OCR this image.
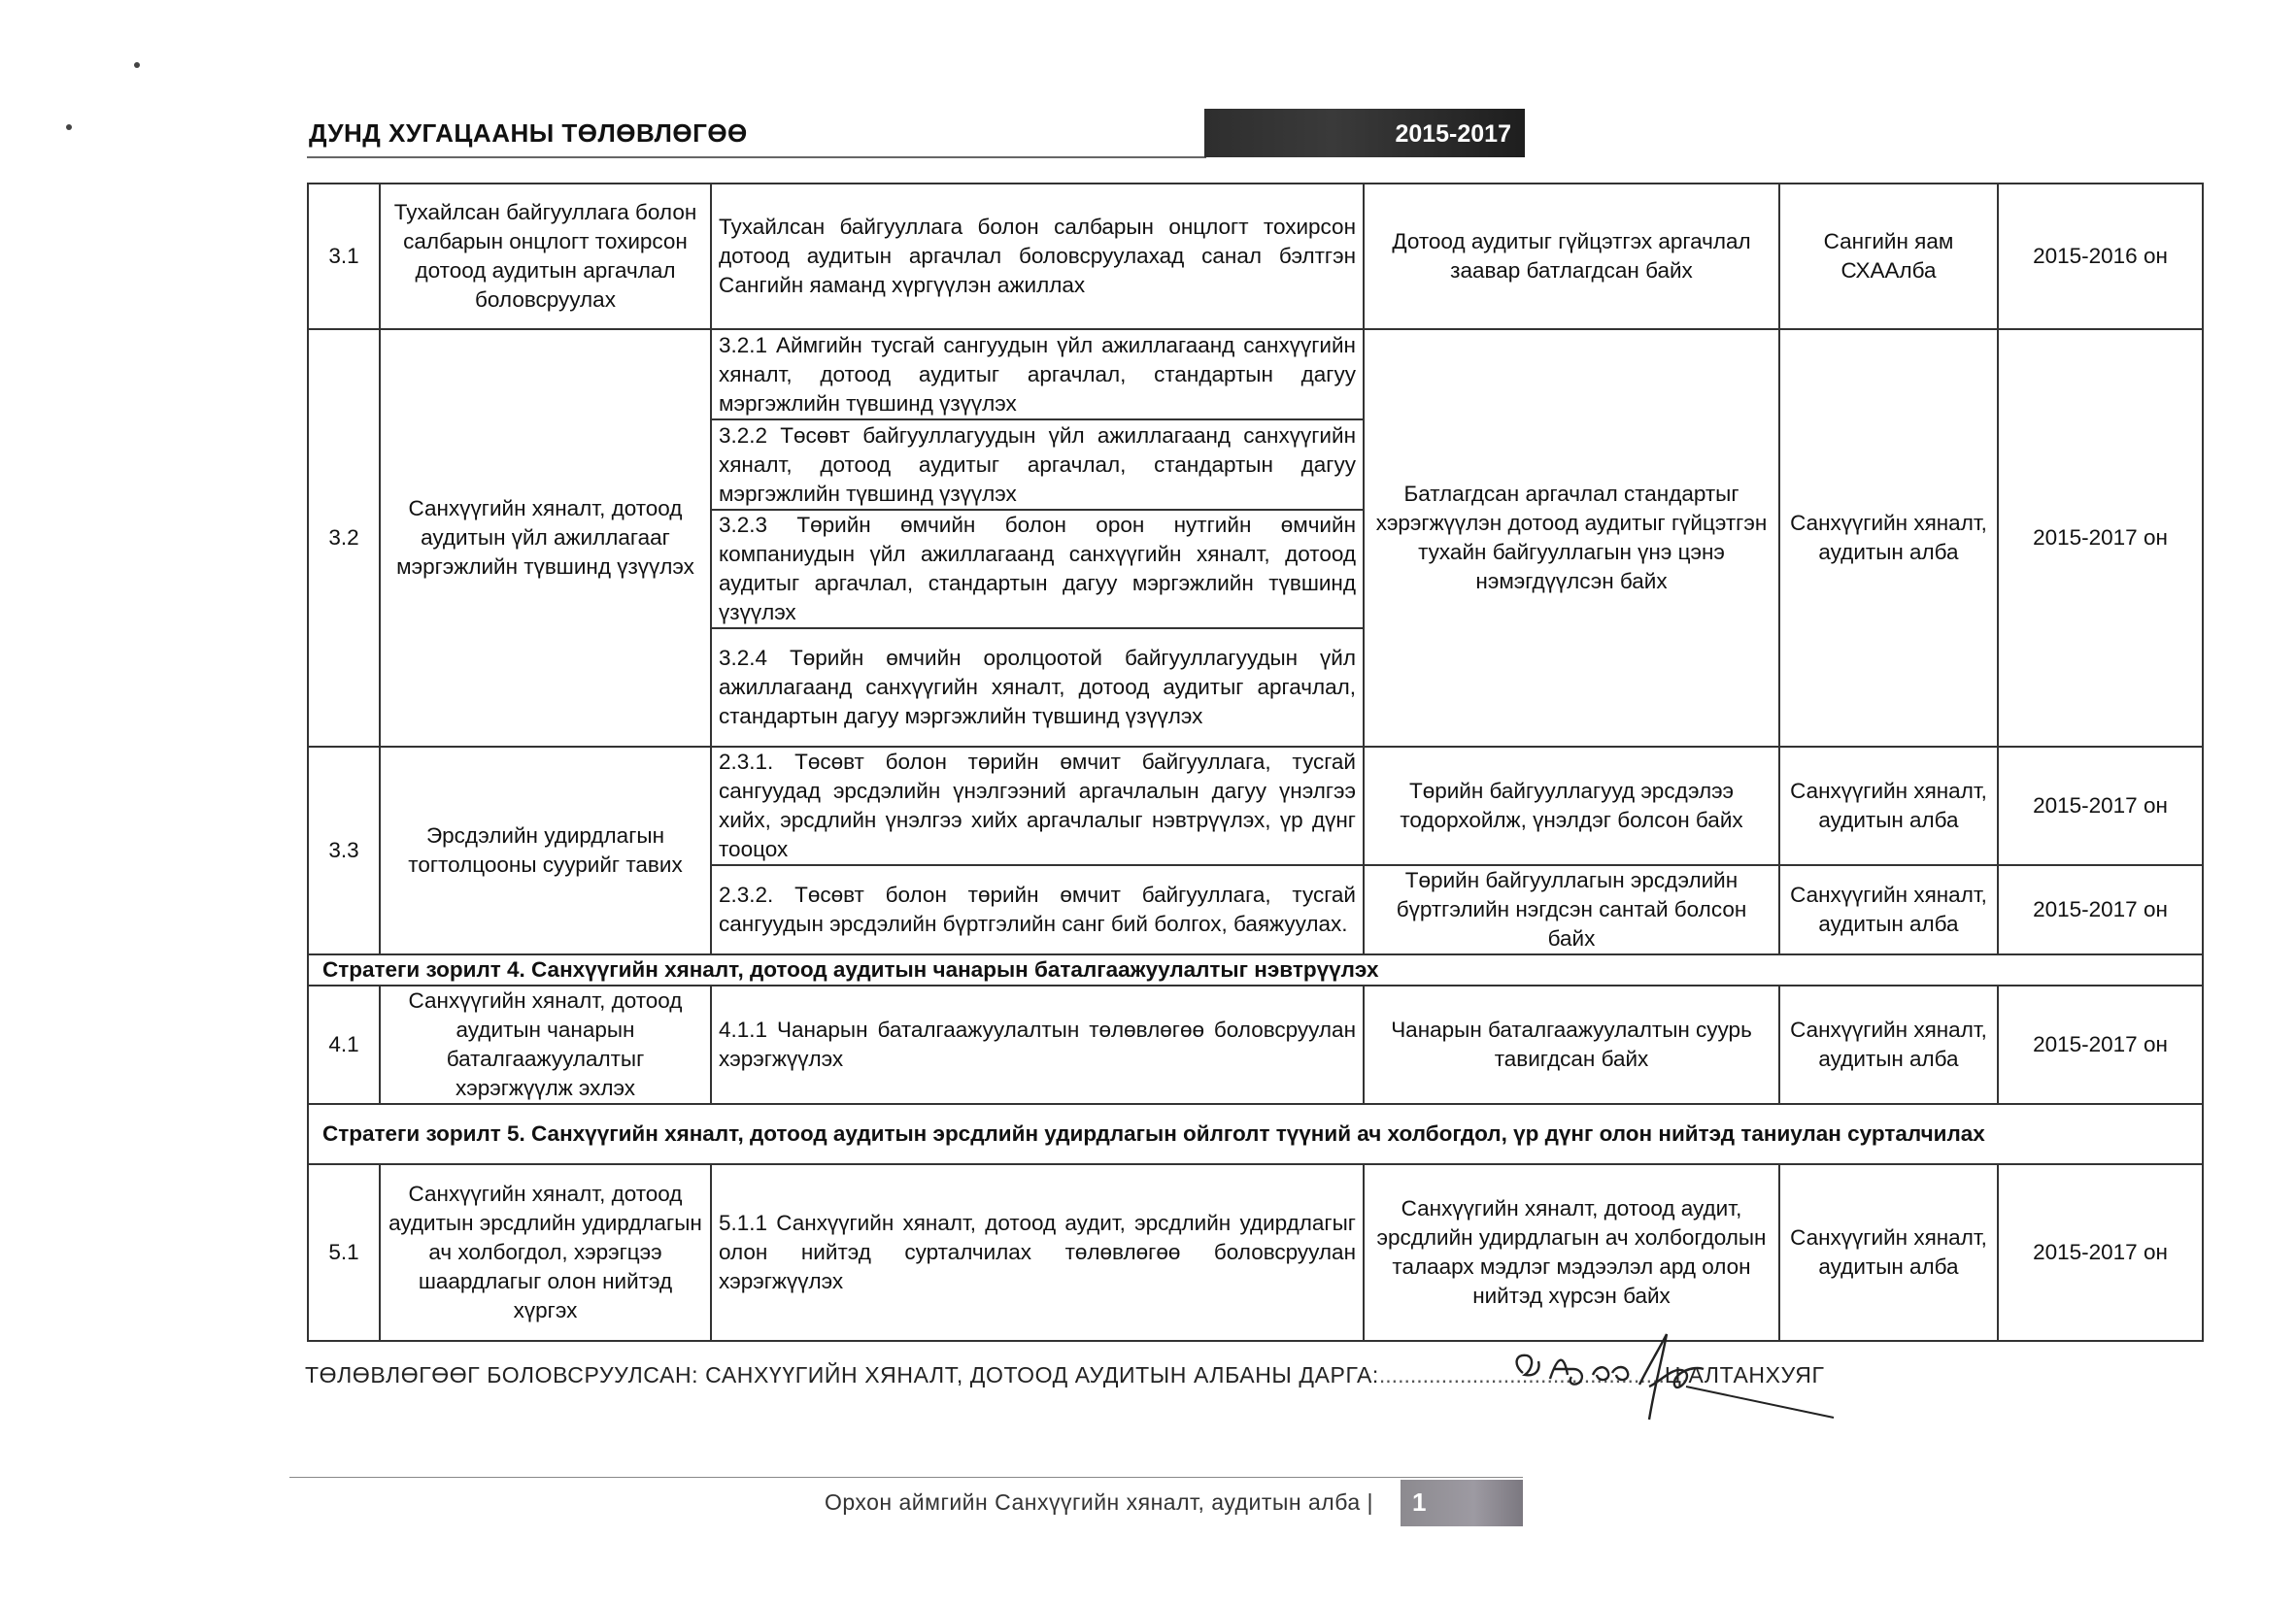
ДУНД ХУГАЦААНЫ ТӨЛӨВЛӨГӨӨ	2015-2017
3.1	Тухайлсан байгууллага болон салбарын онцлогт тохирсон дотоод аудитын аргачлал боловсруулах	Тухайлсан байгууллага болон салбарын онцлогт тохирсон дотоод аудитын аргачлал боловсруулахад санал бэлтгэн Сангийн яаманд хүргүүлэн ажиллах	Дотоод аудитыг гүйцэтгэх аргачлал заавар батлагдсан байх	Сангийн яам СХААлба	2015-2016 он
3.2	Санхүүгийн хяналт, дотоод аудитын үйл ажиллагааг мэргэжлийн түвшинд үзүүлэх	3.2.1 Аймгийн тусгай сангуудын үйл ажиллагаанд санхүүгийн хяналт, дотоод аудитыг аргачлал, стандартын дагуу мэргэжлийн түвшинд үзүүлэх	Батлагдсан аргачлал стандартыг хэрэгжүүлэн дотоод аудитыг гүйцэтгэн тухайн байгууллагын үнэ цэнэ нэмэгдүүлсэн байх	Санхүүгийн хяналт, аудитын алба	2015-2017 он
		3.2.2 Төсөвт байгууллагуудын үйл ажиллагаанд санхүүгийн хяналт, дотоод аудитыг аргачлал, стандартын дагуу мэргэжлийн түвшинд үзүүлэх			
		3.2.3 Төрийн өмчийн болон орон нутгийн өмчийн компаниудын үйл ажиллагаанд санхүүгийн хяналт, дотоод аудитыг аргачлал, стандартын дагуу мэргэжлийн түвшинд үзүүлэх			
		3.2.4 Төрийн өмчийн оролцоотой байгууллагуудын үйл ажиллагаанд санхүүгийн хяналт, дотоод аудитыг аргачлал, стандартын дагуу мэргэжлийн түвшинд үзүүлэх			
3.3	Эрсдэлийн удирдлагын тогтолцооны суурийг тавих	2.3.1. Төсөвт болон төрийн өмчит байгууллага, тусгай сангуудад эрсдэлийн үнэлгээний аргачлалын дагуу үнэлгээ хийх, эрсдлийн үнэлгээ хийх аргачлалыг нэвтрүүлэх, үр дүнг тооцох	Төрийн байгууллагууд эрсдэлээ тодорхойлж, үнэлдэг болсон байх	Санхүүгийн хяналт, аудитын алба	2015-2017 он
		2.3.2. Төсөвт болон төрийн өмчит байгууллага, тусгай сангуудын эрсдэлийн бүртгэлийн санг бий болгох, баяжуулах.	Төрийн байгууллагын эрсдэлийн бүртгэлийн нэгдсэн сантай болсон байх	Санхүүгийн хяналт, аудитын алба	2015-2017 он
Стратеги зорилт 4. Санхүүгийн хяналт, дотоод аудитын чанарын баталгаажуулалтыг нэвтрүүлэх					
4.1	Санхүүгийн хяналт, дотоод аудитын чанарын баталгаажуулалтыг хэрэгжүүлж эхлэх	4.1.1 Чанарын баталгаажуулалтын төлөвлөгөө боловсруулан хэрэгжүүлэх	Чанарын баталгаажуулалтын суурь тавигдсан байх	Санхүүгийн хяналт, аудитын алба	2015-2017 он
Стратеги зорилт 5. Санхүүгийн хяналт, дотоод аудитын эрсдлийн удирдлагын ойлголт түүний ач холбогдол, үр дүнг олон нийтэд таниулан сурталчилах					
5.1	Санхүүгийн хяналт, дотоод аудитын эрсдлийн удирдлагын ач холбогдол, хэрэгцээ шаардлагыг олон нийтэд хүргэх	5.1.1 Санхүүгийн хяналт, дотоод аудит, эрсдлийн удирдлагыг олон нийтэд сурталчилах төлөвлөгөө боловсруулан хэрэгжүүлэх	Санхүүгийн хяналт, дотоод аудит, эрсдлийн удирдлагын ач холбогдолын талаарх мэдлэг мэдээлэл ард олон нийтэд хүрсэн байх	Санхүүгийн хяналт, аудитын алба	2015-2017 он
ТӨЛӨВЛӨГӨӨГ БОЛОВСРУУЛСАН: САНХҮҮГИЙН ХЯНАЛТ, ДОТООД АУДИТЫН АЛБАНЫ ДАРГА:..............................................Ц.АЛТАНХУЯГ
Орхон аймгийн Санхүүгийн хяналт, аудитын алба | 1
